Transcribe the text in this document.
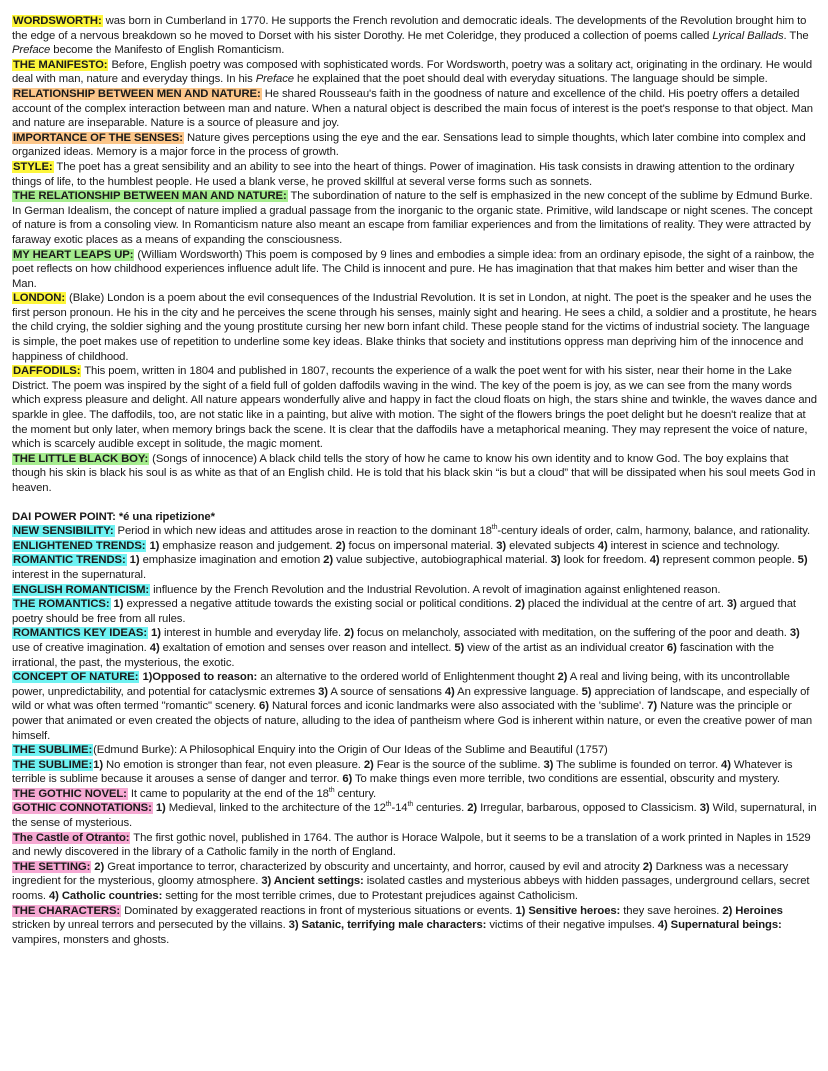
WORDSWORTH: was born in Cumberland in 1770. He supports the French revolution and democratic ideals. The developments of the Revolution brought him to the edge of a nervous breakdown so he moved to Dorset with his sister Dorothy. He met Coleridge, they produced a collection of poems called Lyrical Ballads. The Preface become the Manifesto of English Romanticism.

THE MANIFESTO: Before, English poetry was composed with sophisticated words. For Wordsworth, poetry was a solitary act, originating in the ordinary. He would deal with man, nature and everyday things. In his Preface he explained that the poet should deal with everyday situations. The language should be simple.

RELATIONSHIP BETWEEN MEN AND NATURE: He shared Rousseau's faith in the goodness of nature and excellence of the child. His poetry offers a detailed account of the complex interaction between man and nature. When a natural object is described the main focus of interest is the poet's response to that object. Man and nature are inseparable. Nature is a source of pleasure and joy.

IMPORTANCE OF THE SENSES: Nature gives perceptions using the eye and the ear. Sensations lead to simple thoughts, which later combine into complex and organized ideas. Memory is a major force in the process of growth.

STYLE: The poet has a great sensibility and an ability to see into the heart of things. Power of imagination. His task consists in drawing attention to the ordinary things of life, to the humblest people. He used a blank verse, he proved skillful at several verse forms such as sonnets.

THE RELATIONSHIP BETWEEN MAN AND NATURE: The subordination of nature to the self is emphasized in the new concept of the sublime by Edmund Burke. In German Idealism, the concept of nature implied a gradual passage from the inorganic to the organic state. Primitive, wild landscape or night scenes. The concept of nature is from a consoling view. In Romanticism nature also meant an escape from familiar experiences and from the limitations of reality. They were attracted by faraway exotic places as a means of expanding the consciousness.

MY HEART LEAPS UP: (William Wordsworth) This poem is composed by 9 lines and embodies a simple idea: from an ordinary episode, the sight of a rainbow, the poet reflects on how childhood experiences influence adult life. The Child is innocent and pure. He has imagination that that makes him better and wiser than the Man.

LONDON: (Blake) London is a poem about the evil consequences of the Industrial Revolution. It is set in London, at night. The poet is the speaker and he uses the first person pronoun. He his in the city and he perceives the scene through his senses, mainly sight and hearing. He sees a child, a soldier and a prostitute, he hears the child crying, the soldier sighing and the young prostitute cursing her new born infant child. These people stand for the victims of industrial society. The language is simple, the poet makes use of repetition to underline some key ideas. Blake thinks that society and institutions oppress man depriving him of the innocence and happiness of childhood.

DAFFODILS: This poem, written in 1804 and published in 1807, recounts the experience of a walk the poet went for with his sister, near their home in the Lake District. The poem was inspired by the sight of a field full of golden daffodils waving in the wind. The key of the poem is joy, as we can see from the many words which express pleasure and delight. All nature appears wonderfully alive and happy in fact the cloud floats on high, the stars shine and twinkle, the waves dance and sparkle in glee. The daffodils, too, are not static like in a painting, but alive with motion. The sight of the flowers brings the poet delight but he doesn't realize that at the moment but only later, when memory brings back the scene. It is clear that the daffodils have a metaphorical meaning. They may represent the voice of nature, which is scarcely audible except in solitude, the magic moment.

THE LITTLE BLACK BOY: (Songs of innocence) A black child tells the story of how he came to know his own identity and to know God. The boy explains that though his skin is black his soul is as white as that of an English child. He is told that his black skin “is but a cloud” that will be dissipated when his soul meets God in heaven.

DAI POWER POINT: *é una ripetizione*

NEW SENSIBILITY: Period in which new ideas and attitudes arose in reaction to the dominant 18th-century ideals of order, calm, harmony, balance, and rationality.

ENLIGHTENED TRENDS: 1) emphasize reason and judgement. 2) focus on impersonal material. 3) elevated subjects 4) interest in science and technology.

ROMANTIC TRENDS: 1) emphasize imagination and emotion 2) value subjective, autobiographical material. 3) look for freedom. 4) represent common people. 5) interest in the supernatural.

ENGLISH ROMANTICISM: influence by the French Revolution and the Industrial Revolution. A revolt of imagination against enlightened reason.

THE ROMANTICS: 1) expressed a negative attitude towards the existing social or political conditions. 2) placed the individual at the centre of art. 3) argued that poetry should be free from all rules.

ROMANTICS KEY IDEAS: 1) interest in humble and everyday life. 2) focus on melancholy, associated with meditation, on the suffering of the poor and death. 3) use of creative imagination. 4) exaltation of emotion and senses over reason and intellect. 5) view of the artist as an individual creator 6) fascination with the irrational, the past, the mysterious, the exotic.

CONCEPT OF NATURE: 1)Opposed to reason: an alternative to the ordered world of Enlightenment thought 2) A real and living being, with its uncontrollable power, unpredictability, and potential for cataclysmic extremes 3) A source of sensations 4) An expressive language. 5) appreciation of landscape, and especially of wild or what was often termed "romantic" scenery. 6) Natural forces and iconic landmarks were also associated with the 'sublime'. 7) Nature was the principle or power that animated or even created the objects of nature, alluding to the idea of pantheism where God is inherent within nature, or even the creative power of man himself.

THE SUBLIME:(Edmund Burke): A Philosophical Enquiry into the Origin of Our Ideas of the Sublime and Beautiful (1757)

THE SUBLIME:1) No emotion is stronger than fear, not even pleasure. 2) Fear is the source of the sublime. 3) The sublime is founded on terror. 4) Whatever is terrible is sublime because it arouses a sense of danger and terror. 6) To make things even more terrible, two conditions are essential, obscurity and mystery.

THE GOTHIC NOVEL: It came to popularity at the end of the 18th century.

GOTHIC CONNOTATIONS: 1) Medieval, linked to the architecture of the 12th-14th centuries. 2) Irregular, barbarous, opposed to Classicism. 3) Wild, supernatural, in the sense of mysterious.

The Castle of Otranto: The first gothic novel, published in 1764. The author is Horace Walpole, but it seems to be a translation of a work printed in Naples in 1529 and newly discovered in the library of a Catholic family in the north of England.

THE SETTING: 2) Great importance to terror, characterized by obscurity and uncertainty, and horror, caused by evil and atrocity 2) Darkness was a necessary ingredient for the mysterious, gloomy atmosphere. 3) Ancient settings: isolated castles and mysterious abbeys with hidden passages, underground cellars, secret rooms. 4) Catholic countries: setting for the most terrible crimes, due to Protestant prejudices against Catholicism.

THE CHARACTERS: Dominated by exaggerated reactions in front of mysterious situations or events. 1) Sensitive heroes: they save heroines. 2) Heroines stricken by unreal terrors and persecuted by the villains. 3) Satanic, terrifying male characters: victims of their negative impulses. 4) Supernatural beings: vampires, monsters and ghosts.
